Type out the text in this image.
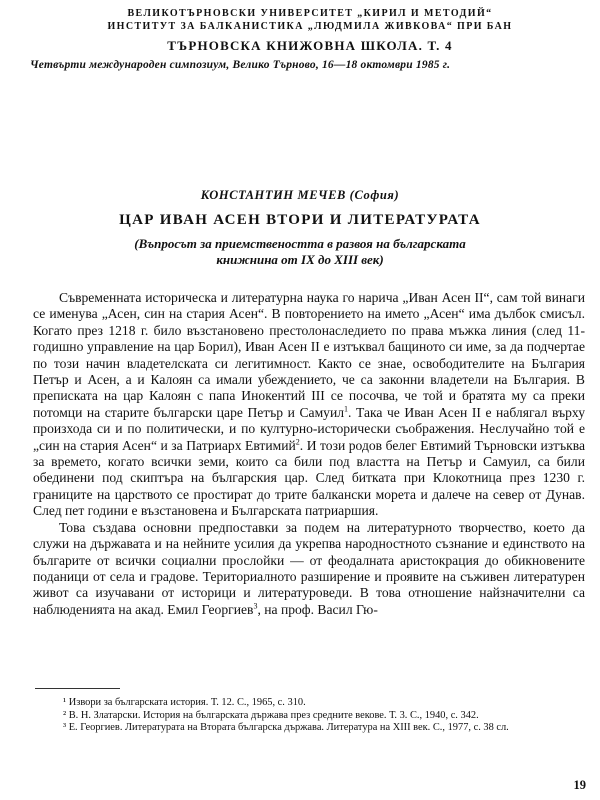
ВЕЛИКОТЪРНОВСКИ УНИВЕРСИТЕТ „КИРИЛ И МЕТОДИЙ“
ИНСТИТУТ ЗА БАЛКАНИСТИКА „ЛЮДМИЛА ЖИВКОВА“ ПРИ БАН
ТЪРНОВСКА КНИЖОВНА ШКОЛА. Т. 4
Четвърти международен симпозиум, Велико Търново, 16—18 октомври 1985 г.
КОНСТАНТИН МЕЧЕВ (София)
ЦАР ИВАН АСЕН ВТОРИ И ЛИТЕРАТУРАТА
(Въпросът за приемствеността в развоя на българската книжнина от IX до XIII век)

Съвременната историческа и литературна наука го нарича „Иван Асен II“, сам той винаги се именува „Асен, син на стария Асен“. В повторението на името „Асен“ има дълбок смисъл. Когато през 1218 г. било възстановено престолонаследието по права мъжка линия (след 11-годишно управление на цар Борил), Иван Асен II е изтъквал бащиното си име, за да подчертае по този начин владетелската си легитимност. Както се знае, освободителите на България Петър и Асен, а и Калоян са имали убеждението, че са законни владетели на България. В преписката на цар Калоян с папа Инокентий III се посочва, че той и братята му са преки потомци на старите български царе Петър и Самуил$^1$. Така че Иван Асен II е наблягал върху произхода си и по политически, и по културно-исторически съображения. Неслучайно той е „син на стария Асен“ и за Патриарх Евтимий$^2$. И този родов белег Евтимий Търновски изтъква за времето, когато всички земи, които са били под властта на Петър и Самуил, са били обединени под скиптъра на българския цар. След битката при Клокотница през 1230 г. границите на царството се простират до трите балкански морета и далече на север от Дунав. След пет години е възстановена и Българската патриаршия.

Това създава основни предпоставки за подем на литературното творчество, което да служи на държавата и на нейните усилия да укрепва народностното съзнание и единството на българите от всички социални прослойки — от феодалната аристокрация до обикновените поданици от села и градове. Териториалното разширение и проявите на съживен литературен живот са изучавани от историци и литературоведи. В това отношение найзначителни са наблюденията на акад. Емил Георгиев$^3$, на проф. Васил Гю-

¹ Извори за българската история. Т. 12. С., 1965, с. 310.

² В. Н. Златарски. История на българската държава през средните векове. Т. 3. С., 1940, с. 342.

³ Е. Георгиев. Литературата на Втората българска държава. Литература на XIII век. С., 1977, с. 38 сл.

19
